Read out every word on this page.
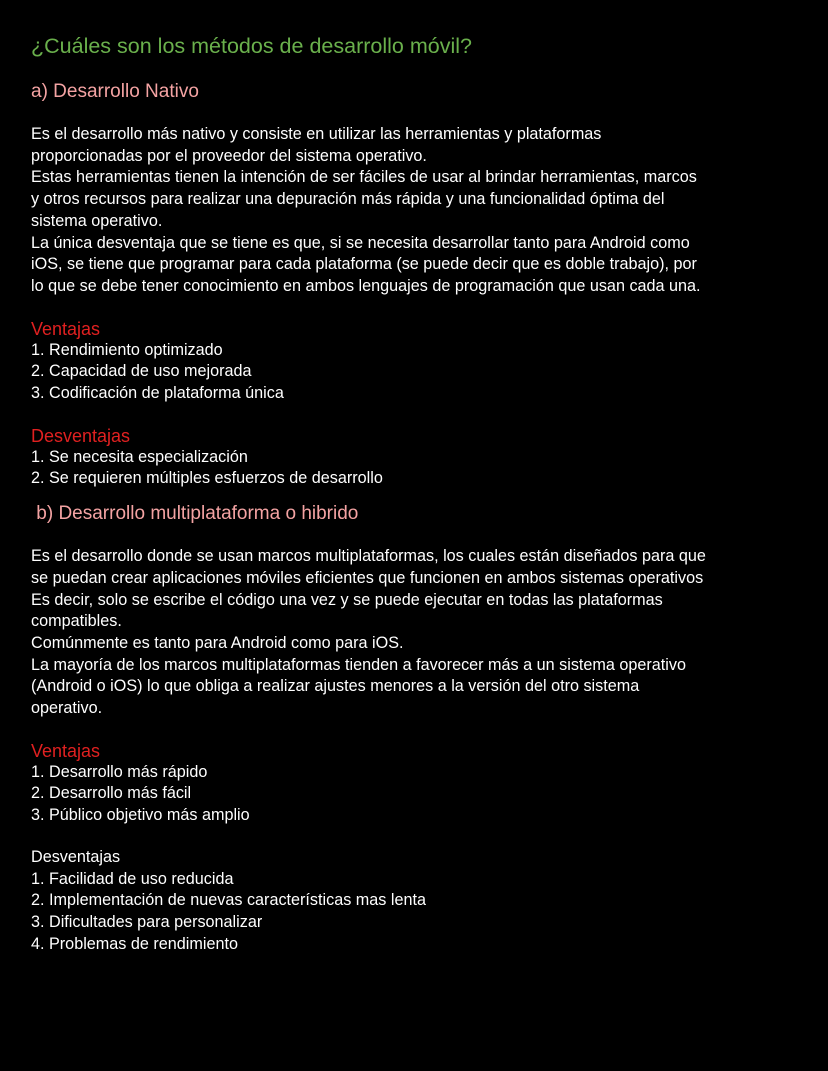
¿Cuáles son los métodos de desarrollo móvil?
a) Desarrollo Nativo
Es el desarrollo más nativo y consiste en utilizar las herramientas y plataformas
proporcionadas por el proveedor del sistema operativo.
Estas herramientas tienen la intención de ser fáciles de usar al brindar herramientas, marcos
y otros recursos para realizar una depuración más rápida y una funcionalidad óptima del
sistema operativo.
La única desventaja que se tiene es que, si se necesita desarrollar tanto para Android como
iOS, se tiene que programar para cada plataforma (se puede decir que es doble trabajo), por
lo que se debe tener conocimiento en ambos lenguajes de programación que usan cada una.
Ventajas
1. Rendimiento optimizado
2. Capacidad de uso mejorada
3. Codificación de plataforma única
Desventajas
1. Se necesita especialización
2. Se requieren múltiples esfuerzos de desarrollo
b) Desarrollo multiplataforma o hibrido
Es el desarrollo donde se usan marcos multiplataformas, los cuales están diseñados para que
se puedan crear aplicaciones móviles eficientes que funcionen en ambos sistemas operativos
Es decir, solo se escribe el código una vez y se puede ejecutar en todas las plataformas
compatibles.
Comúnmente es tanto para Android como para iOS.
La mayoría de los marcos multiplataformas tienden a favorecer más a un sistema operativo
(Android o iOS) lo que obliga a realizar ajustes menores a la versión del otro sistema
operativo.
Ventajas
1. Desarrollo más rápido
2. Desarrollo más fácil
3. Público objetivo más amplio
Desventajas
1. Facilidad de uso reducida
2. Implementación de nuevas características mas lenta
3. Dificultades para personalizar
4. Problemas de rendimiento
